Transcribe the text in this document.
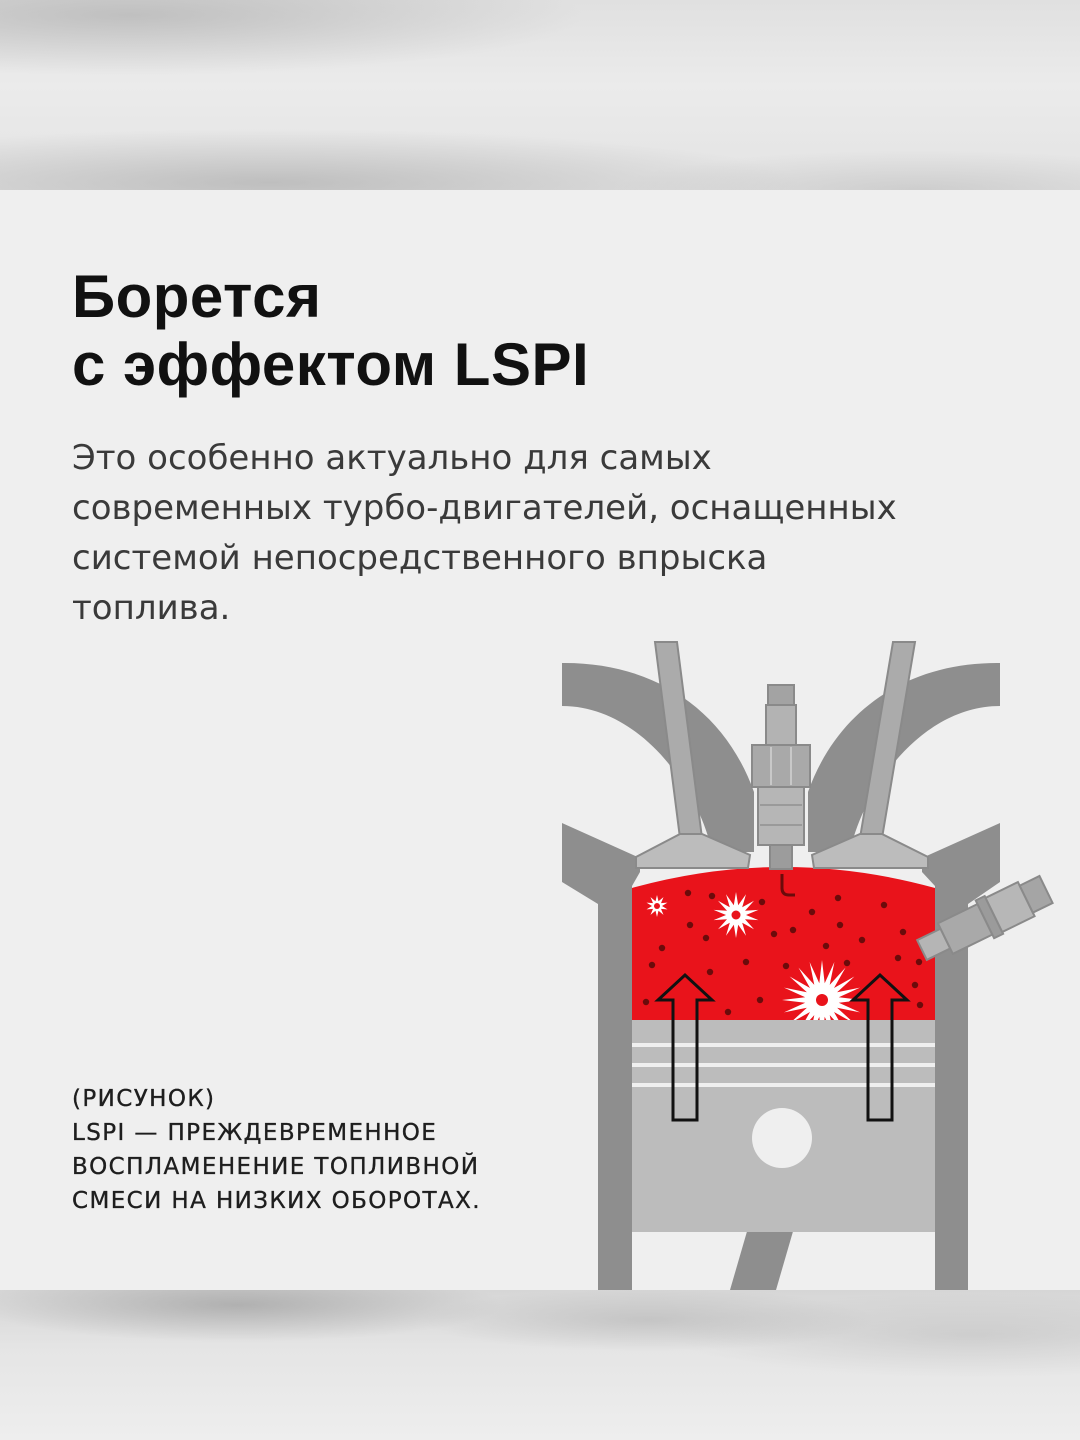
Борется
с эффектом LSPI

Это особенно актуально для самых
современных турбо-двигателей, оснащенных
системой непосредственного впрыска
топлива.

(РИСУНОК)
LSPI — ПРЕЖДЕВРЕМЕННОЕ
ВОСПЛАМЕНЕНИЕ ТОПЛИВНОЙ
СМЕСИ НА НИЗКИХ ОБОРОТАХ.
